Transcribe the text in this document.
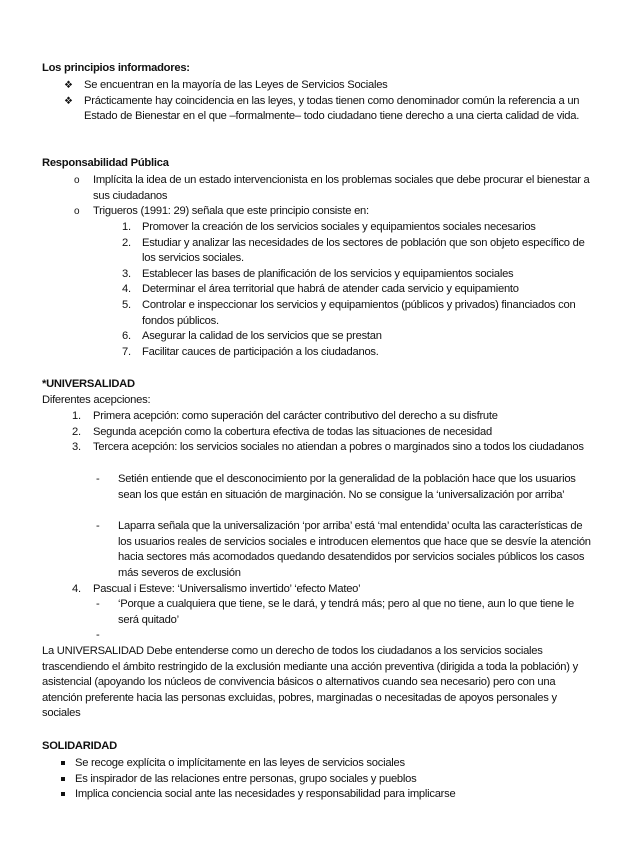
Los principios informadores:
❖ Se encuentran en la mayoría de las Leyes de Servicios Sociales
❖ Prácticamente hay coincidencia en las leyes, y todas tienen como denominador común la referencia a un Estado de Bienestar en el que –formalmente– todo ciudadano tiene derecho a una cierta calidad de vida.
Responsabilidad Pública
o Implícita la idea de un estado intervencionista en los problemas sociales que debe procurar el bienestar a sus ciudadanos
o Trigueros (1991: 29) señala que este principio consiste en:
1. Promover la creación de los servicios sociales y equipamientos sociales necesarios
2. Estudiar y analizar las necesidades de los sectores de población que son objeto específico de los servicios sociales.
3. Establecer las bases de planificación de los servicios y equipamientos sociales
4. Determinar el área territorial que habrá de atender cada servicio y equipamiento
5. Controlar e inspeccionar los servicios y equipamientos (públicos y privados) financiados con fondos públicos.
6. Asegurar la calidad de los servicios que se prestan
7. Facilitar cauces de participación a los ciudadanos.
*UNIVERSALIDAD
Diferentes acepciones:
1. Primera acepción: como superación del carácter contributivo del derecho a su disfrute
2. Segunda acepción como la cobertura efectiva de todas las situaciones de necesidad
3. Tercera acepción: los servicios sociales no atiendan a pobres o marginados sino a todos los ciudadanos
- Setién entiende que el desconocimiento por la generalidad de la población hace que los usuarios sean los que están en situación de marginación. No se consigue la ‘universalización por arriba’
- Laparra señala que la universalización ‘por arriba’ está ‘mal entendida’ oculta las características de los usuarios reales de servicios sociales e introducen elementos que hace que se desvíe la atención hacia sectores más acomodados quedando desatendidos por servicios sociales públicos los casos más severos de exclusión
4. Pascual i Esteve: ‘Universalismo invertido’ ‘efecto Mateo’
- ‘Porque a cualquiera que tiene, se le dará, y tendrá más; pero al que no tiene, aun lo que tiene le será quitado’
-

La UNIVERSALIDAD Debe entenderse como un derecho de todos los ciudadanos a los servicios sociales trascendiendo el ámbito restringido de la exclusión mediante una acción preventiva (dirigida a toda la población) y asistencial (apoyando los núcleos de convivencia básicos o alternativos cuando sea necesario) pero con una atención preferente hacia las personas excluidas, pobres, marginadas o necesitadas de apoyos personales y sociales
SOLIDARIDAD
Se recoge explícita o implícitamente en las leyes de servicios sociales
Es inspirador de las relaciones entre personas, grupo sociales y pueblos
Implica conciencia social ante las necesidades y responsabilidad para implicarse
